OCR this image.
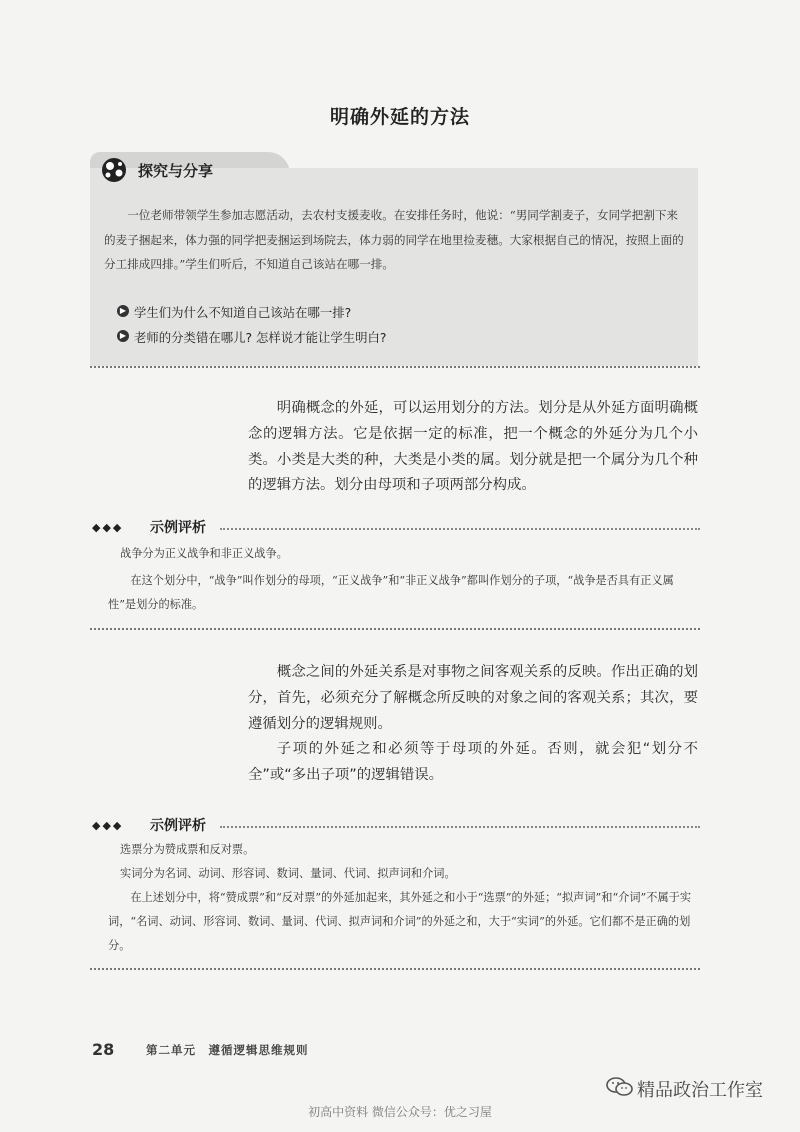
明确外延的方法
探究与分享

一位老师带领学生参加志愿活动，去农村支援麦收。在安排任务时，他说：“男同学割麦子，女同学把割下来的麦子捆起来，体力强的同学把麦捆运到场院去，体力弱的同学在地里捡麦穗。大家根据自己的情况，按照上面的分工排成四排。”学生们听后，不知道自己该站在哪一排。

▶ 学生们为什么不知道自己该站在哪一排?
▶ 老师的分类错在哪儿? 怎样说才能让学生明白?

明确概念的外延，可以运用划分的方法。划分是从外延方面明确概念的逻辑方法。它是依据一定的标准，把一个概念的外延分为几个小类。小类是大类的种，大类是小类的属。划分就是把一个属分为几个种的逻辑方法。划分由母项和子项两部分构成。

◆◆◆ 示例评析

战争分为正义战争和非正义战争。

在这个划分中，“战争”叫作划分的母项，“正义战争”和“非正义战争”都叫作划分的子项，“战争是否具有正义属性”是划分的标准。

概念之间的外延关系是对事物之间客观关系的反映。作出正确的划分，首先，必须充分了解概念所反映的对象之间的客观关系；其次，要遵循划分的逻辑规则。

子项的外延之和必须等于母项的外延。否则，就会犯“划分不全”或“多出子项”的逻辑错误。

◆◆◆ 示例评析

选票分为赞成票和反对票。

实词分为名词、动词、形容词、数词、量词、代词、拟声词和介词。

在上述划分中，将“赞成票”和“反对票”的外延加起来，其外延之和小于“选票”的外延；“拟声词”和“介词”不属于实词，“名词、动词、形容词、数词、量词、代词、拟声词和介词”的外延之和，大于“实词”的外延。它们都不是正确的划分。

28	第二单元　遵循逻辑思维规则
精品政治工作室
初高中资料 微信公众号：优之习屋
